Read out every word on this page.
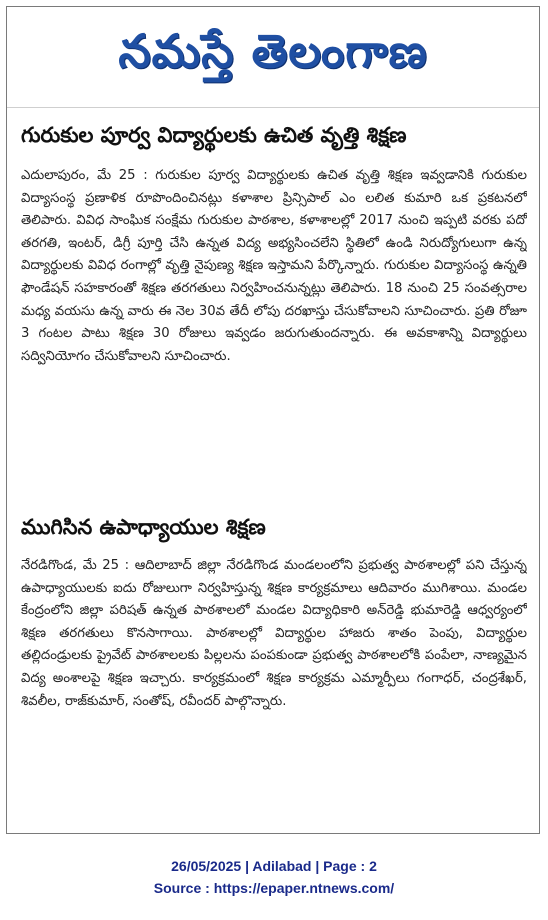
నమస్తే తెలంగాణ
గురుకుల పూర్వ విద్యార్థులకు ఉచిత వృత్తి శిక్షణ

ఎదులాపురం, మే 25 : గురుకుల పూర్వ విద్యార్థులకు ఉచిత వృత్తి శిక్షణ ఇవ్వడానికి గురుకుల విద్యాసంస్థ ప్రణాళిక రూపొందించినట్లు కళాశాల ప్రిన్సిపాల్ ఎం లలిత కుమారి ఒక ప్రకటనలో తెలిపారు. వివిధ సాంఘిక సంక్షేమ గురుకుల పాఠశాల, కళాశాలల్లో 2017 నుంచి ఇప్పటి వరకు పదో తరగతి, ఇంటర్, డిగ్రీ పూర్తి చేసి ఉన్నత విద్య అభ్యసించలేని స్థితిలో ఉండి నిరుద్యోగులుగా ఉన్న విద్యార్థులకు వివిధ రంగాల్లో వృత్తి నైపుణ్య శిక్షణ ఇస్తామని పేర్కొన్నారు. గురుకుల విద్యాసంస్థ ఉన్నతి ఫౌండేషన్ సహకారంతో శిక్షణ తరగతులు నిర్వహించనున్నట్లు తెలిపారు. 18 నుంచి 25 సంవత్సరాల మధ్య వయసు ఉన్న వారు ఈ నెల 30వ తేదీ లోపు దరఖాస్తు చేసుకోవాలని సూచించారు. ప్రతి రోజూ 3 గంటల పాటు శిక్షణ 30 రోజులు ఇవ్వడం జరుగుతుందన్నారు. ఈ అవకాశాన్ని విద్యార్థులు సద్వినియోగం చేసుకోవాలని సూచించారు.

ముగిసిన ఉపాధ్యాయుల శిక్షణ

నేరడిగొండ, మే 25 : ఆదిలాబాద్ జిల్లా నేరడిగొండ మండలంలోని ప్రభుత్వ పాఠశాలల్లో పని చేస్తున్న ఉపాధ్యాయులకు ఐదు రోజులుగా నిర్వహిస్తున్న శిక్షణ కార్యక్రమాలు ఆదివారం ముగిశాయి. మండల కేంద్రంలోని జిల్లా పరిషత్ ఉన్నత పాఠశాలలో మండల విద్యాధికారి అన్‌రెడ్డి భుమారెడ్డి ఆధ్వర్యంలో శిక్షణ తరగతులు కొనసాగాయి. పాఠశాలల్లో విద్యార్థుల హాజరు శాతం పెంపు, విద్యార్థుల తల్లిదండ్రులకు ప్రైవేట్ పాఠశాలలకు పిల్లలను పంపకుండా ప్రభుత్వ పాఠశాలలోకి పంపేలా, నాణ్యమైన విద్య అంశాలపై శిక్షణ ఇచ్చారు. కార్యక్రమంలో శిక్షణ కార్యక్రమ ఎమ్మార్పీలు గంగాధర్, చంద్రశేఖర్, శివలీల, రాజ్‌కుమార్, సంతోష్, రవీందర్ పాల్గొన్నారు.

26/05/2025 | Adilabad | Page : 2
Source : https://epaper.ntnews.com/
